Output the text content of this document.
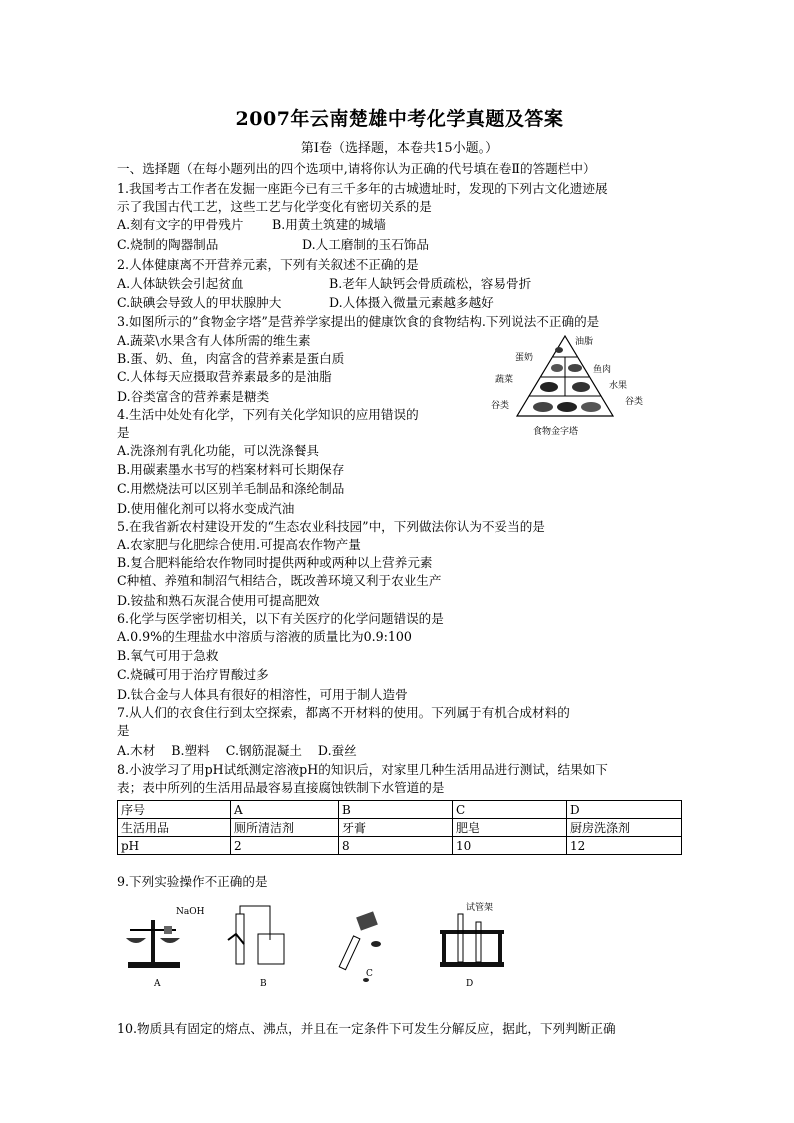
2007年云南楚雄中考化学真题及答案
第Ⅰ卷（选择题，本卷共15小题。）
一、选择题（在每小题列出的四个选项中,请将你认为正确的代号填在卷Ⅱ的答题栏中）
1.我国考古工作者在发掘一座距今已有三千多年的古城遗址时，发现的下列古文化遗迹展
示了我国古代工艺，这些工艺与化学变化有密切关系的是
A.刻有文字的甲骨残片 B.用黄土筑建的城墙
C.烧制的陶器制品	D.人工磨制的玉石饰品
2.人体健康离不开营养元素，下列有关叙述不正确的是
A.人体缺铁会引起贫血	B.老年人缺钙会骨质疏松，容易骨折
C.缺碘会导致人的甲状腺肿大	D.人体摄入微量元素越多越好
3.如图所示的”食物金字塔”是营养学家提出的健康饮食的食物结构.下列说法不正确的是
A.蔬菜\水果含有人体所需的维生素
B.蛋、奶、鱼，肉富含的营养素是蛋白质
C.人体每天应摄取营养素最多的是油脂
D.谷类富含的营养素是糖类
4.生活中处处有化学，下列有关化学知识的应用错误的
是
A.洗涤剂有乳化功能，可以洗涤餐具
B.用碳素墨水书写的档案材料可长期保存
C.用燃烧法可以区别羊毛制品和涤纶制品
D.使用催化剂可以将水变成汽油
5.在我省新农村建设开发的“生态农业科技园”中，下列做法你认为不妥当的是
A.农家肥与化肥综合使用.可提高农作物产量
B.复合肥料能给农作物同时提供两种或两种以上营养元素
C种植、养殖和制沼气相结合，既改善环境又利于农业生产
D.铵盐和熟石灰混合使用可提高肥效
6.化学与医学密切相关，以下有关医疗的化学问题错误的是
A.0.9%的生理盐水中溶质与溶液的质量比为0.9:100
B.氧气可用于急救
C.烧碱可用于治疗胃酸过多
D.钛合金与人体具有很好的相溶性，可用于制人造骨
7.从人们的衣食住行到太空探索，都离不开材料的使用。下列属于有机合成材料的
是
A.木材    B.塑料    C.钢筋混凝土    D.蚕丝
8.小波学习了用pH试纸测定溶液pH的知识后，对家里几种生活用品进行测试，结果如下
表；表中所列的生活用品最容易直接腐蚀铁制下水管道的是
序号	A	B	C	D
生活用品	厕所清洁剂	牙膏	肥皂	厨房洗涤剂
pH	2	8	10	12
9.下列实验操作不正确的是
10.物质具有固定的熔点、沸点，并且在一定条件下可发生分解反应，据此，下列判断正确
油脂
蛋奶
鱼肉
蔬菜
水果
谷类	谷类
食物金字塔
NaOH
A	B
C
试管架
D
